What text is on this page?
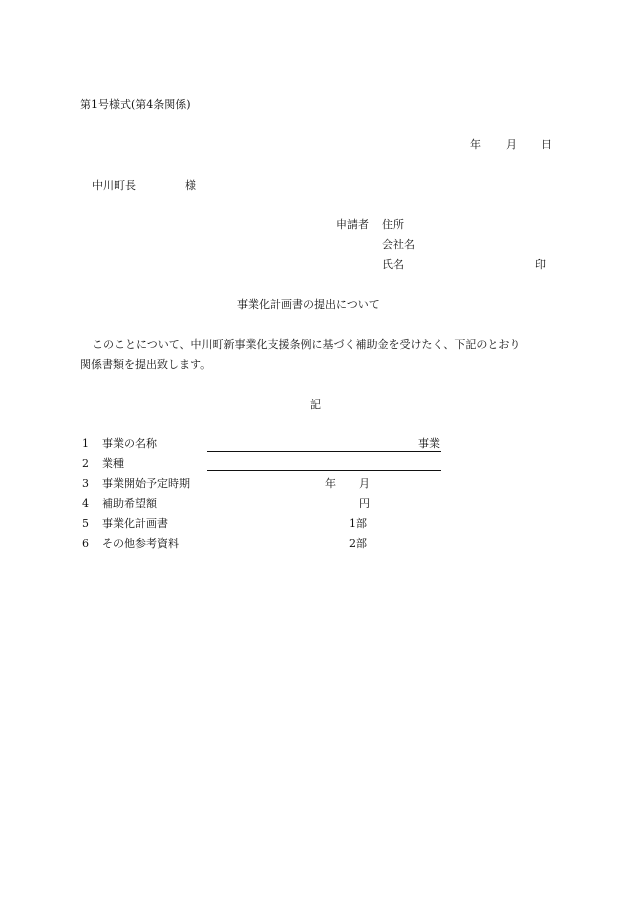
第1号様式(第4条関係)
年 月 日
中川町長	様
申請者 住所
会社名
氏名	印
事業化計画書の提出について
このことについて、中川町新事業化支援条例に基づく補助金を受けたく、下記のとおり
関係書類を提出致します。
記
1 事業の名称	事業
2 業種
3 事業開始予定時期	年 月
4 補助希望額	円
5 事業化計画書	1部
6 その他参考資料	2部
